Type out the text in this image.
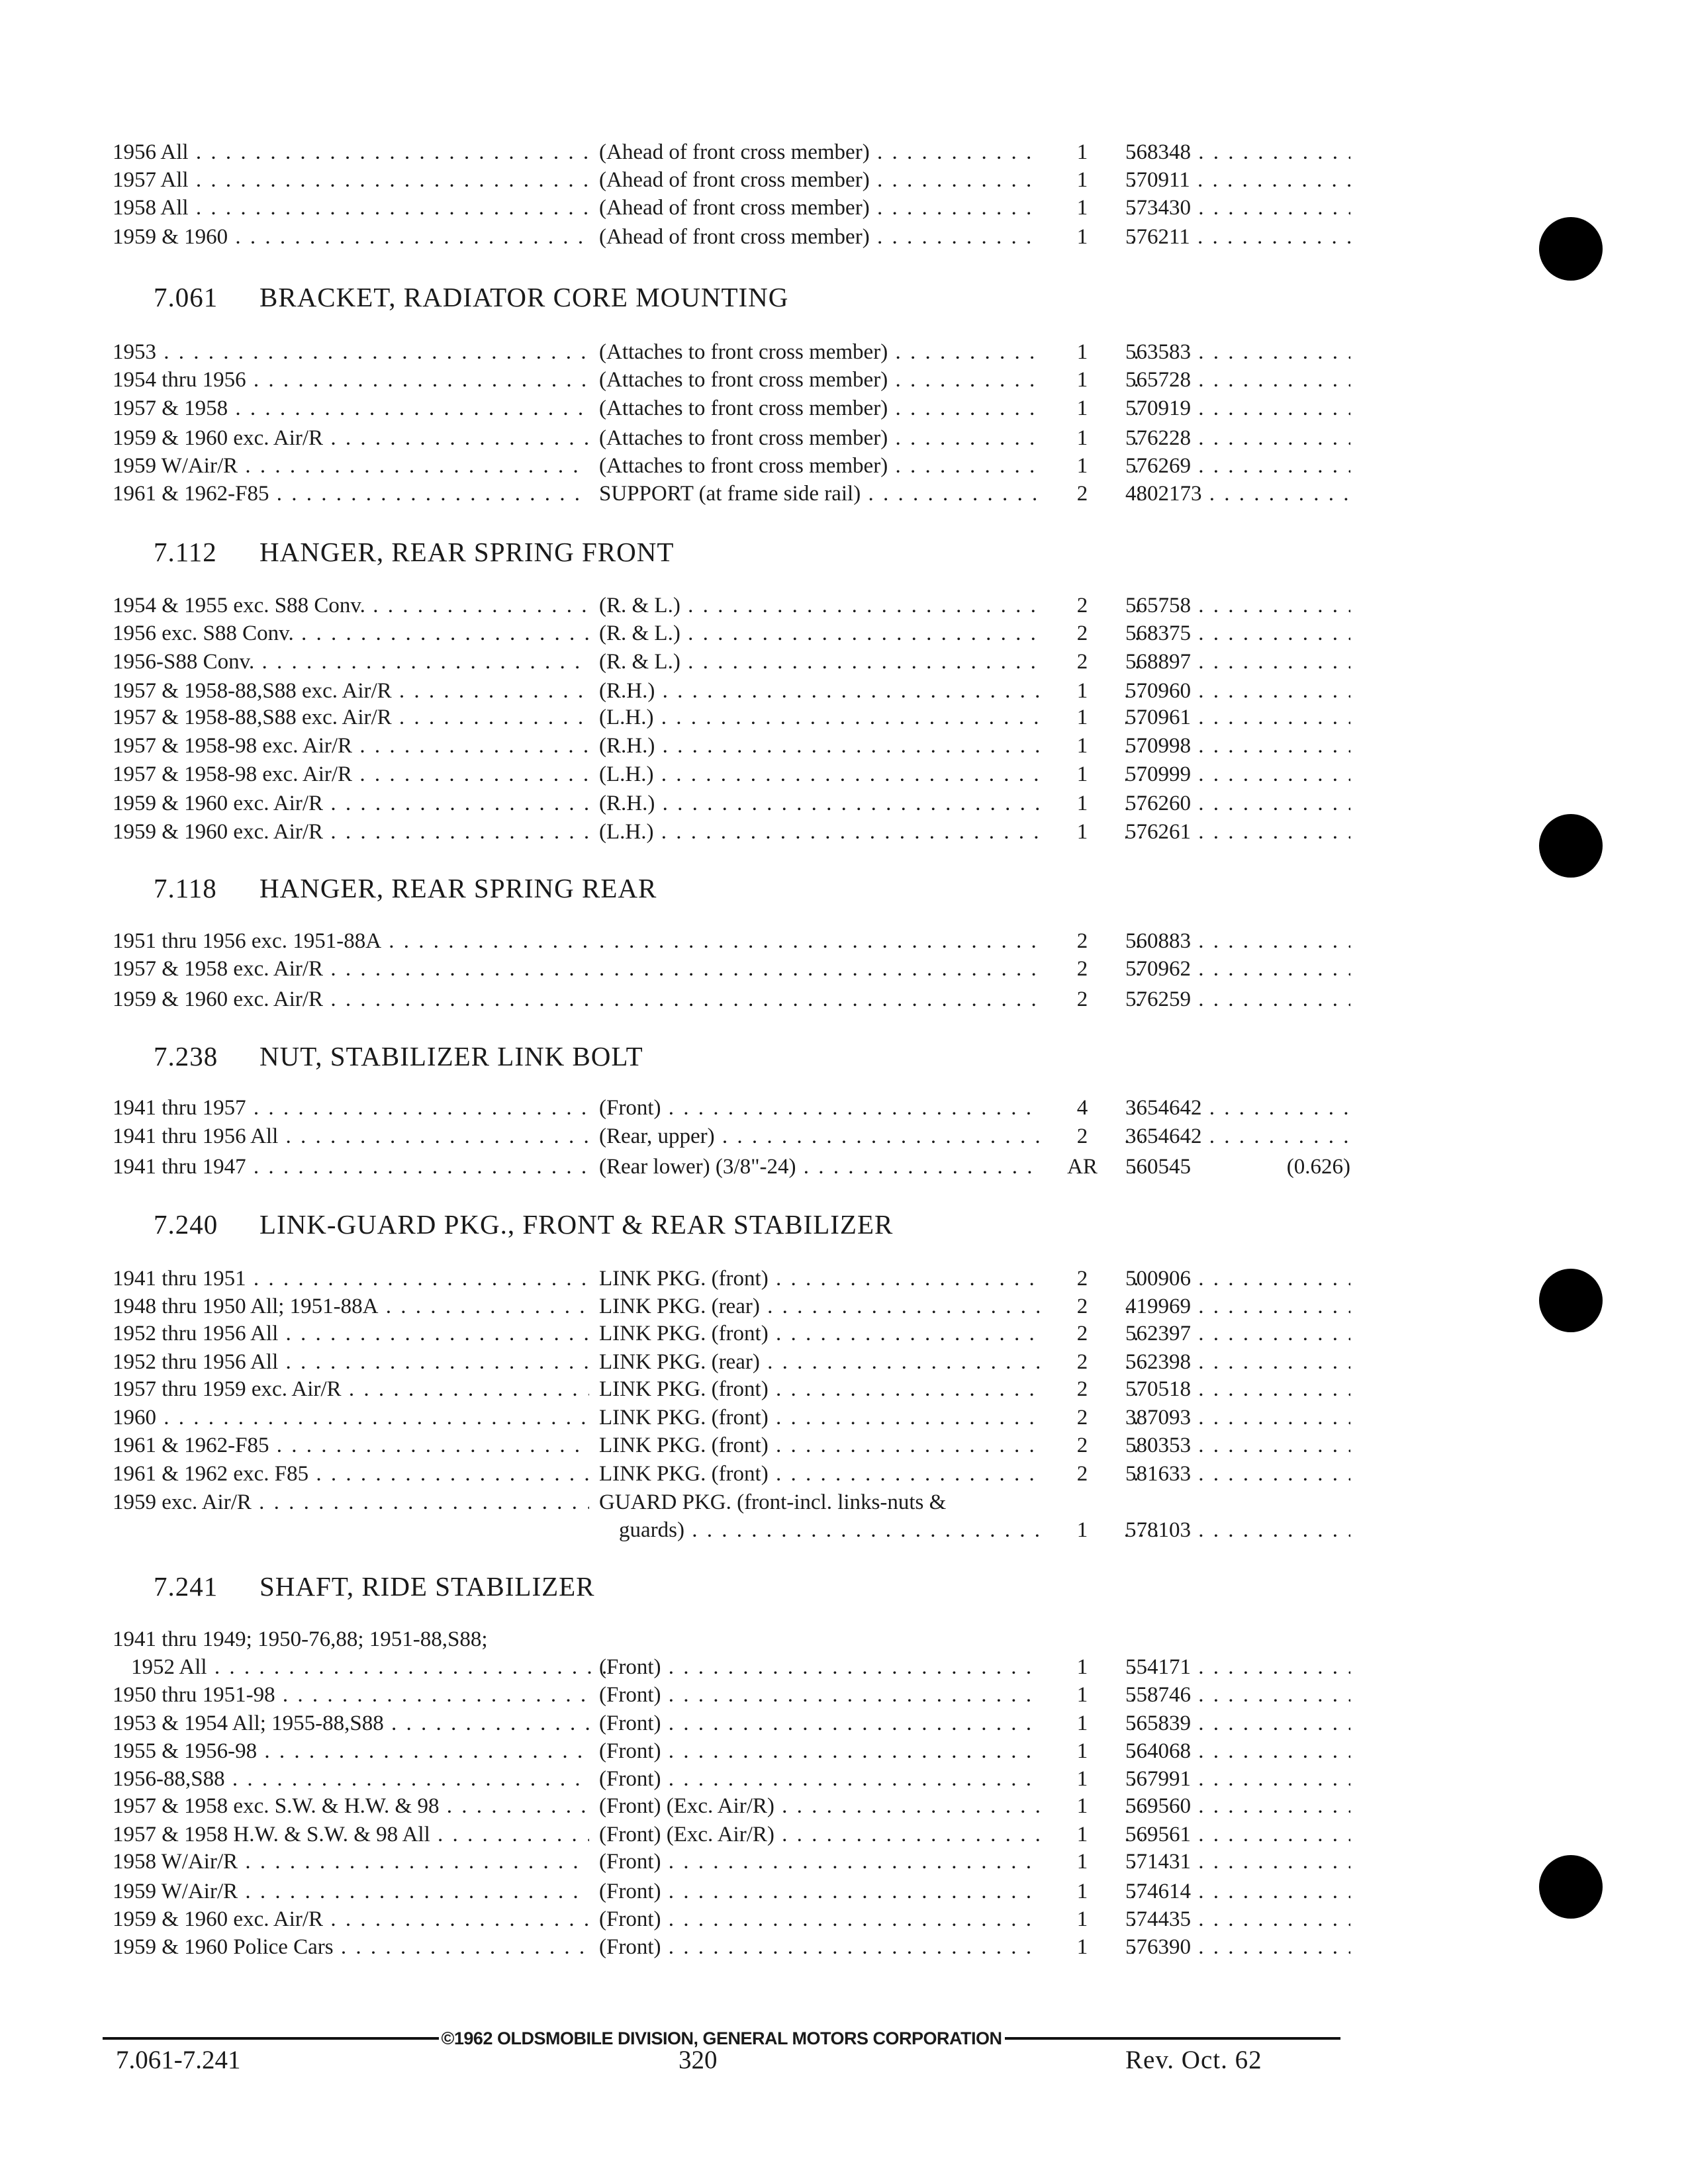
1956 All . . .	(Ahead of front cross member) . . .	1	568348 . . .
1957 All . . .	(Ahead of front cross member) . . .	1	570911 . . .
1958 All . . .	(Ahead of front cross member) . . .	1	573430 . . .
1959 & 1960 . . .	(Ahead of front cross member) . . .	1	576211 . . .
7.061 BRACKET, RADIATOR CORE MOUNTING
1953 . . .	(Attaches to front cross member) . . .	1	563583 . . .
1954 thru 1956 . . .	(Attaches to front cross member) . . .	1	565728 . . .
1957 & 1958 . . .	(Attaches to front cross member) . . .	1	570919 . . .
1959 & 1960 exc. Air/R . . .	(Attaches to front cross member) . . .	1	576228 . . .
1959 W/Air/R . . .	(Attaches to front cross member) . . .	1	576269 . . .
1961 & 1962-F85 . . .	SUPPORT (at frame side rail) . . .	2	4802173 . . .
7.112 HANGER, REAR SPRING FRONT
1954 & 1955 exc. S88 Conv. . . .	(R. & L.) . . .	2	565758 . . .
1956 exc. S88 Conv. . . .	(R. & L.) . . .	2	568375 . . .
1956-S88 Conv. . . .	(R. & L.) . . .	2	568897 . . .
1957 & 1958-88,S88 exc. Air/R . . .	(R.H.) . . .	1	570960 . . .
1957 & 1958-88,S88 exc. Air/R . . .	(L.H.) . . .	1	570961 . . .
1957 & 1958-98 exc. Air/R . . .	(R.H.) . . .	1	570998 . . .
1957 & 1958-98 exc. Air/R . . .	(L.H.) . . .	1	570999 . . .
1959 & 1960 exc. Air/R . . .	(R.H.) . . .	1	576260 . . .
1959 & 1960 exc. Air/R . . .	(L.H.) . . .	1	576261 . . .
7.118 HANGER, REAR SPRING REAR
1951 thru 1956 exc. 1951-88A . . . . . .	2	560883 . . .
1957 & 1958 exc. Air/R . . . . . .	2	570962 . . .
1959 & 1960 exc. Air/R . . . . . .	2	576259 . . .
7.238 NUT, STABILIZER LINK BOLT
1941 thru 1957 . . .	(Front) . . .	4	3654642 . . .
1941 thru 1956 All . . .	(Rear, upper) . . .	2	3654642 . . .
1941 thru 1947 . . .	(Rear lower) (3/8"-24) . . .	AR	560545	(0.626)
7.240 LINK-GUARD PKG., FRONT & REAR STABILIZER
1941 thru 1951 . . .	LINK PKG. (front) . . .	2	500906 . . .
1948 thru 1950 All; 1951-88A . . .	LINK PKG. (rear) . . .	2	419969 . . .
1952 thru 1956 All . . .	LINK PKG. (front) . . .	2	562397 . . .
1952 thru 1956 All . . .	LINK PKG. (rear) . . .	2	562398 . . .
1957 thru 1959 exc. Air/R . . .	LINK PKG. (front) . . .	2	570518 . . .
1960 . . .	LINK PKG. (front) . . .	2	387093 . . .
1961 & 1962-F85 . . .	LINK PKG. (front) . . .	2	580353 . . .
1961 & 1962 exc. F85 . . .	LINK PKG. (front) . . .	2	581633 . . .
1959 exc. Air/R . . .	GUARD PKG. (front-incl. links-nuts &
guards) . . .	1	578103 . . .
7.241 SHAFT, RIDE STABILIZER
1941 thru 1949; 1950-76,88; 1951-88,S88;
1952 All . . .	(Front) . . .	1	554171 . . .
1950 thru 1951-98 . . .	(Front) . . .	1	558746 . . .
1953 & 1954 All; 1955-88,S88 . . .	(Front) . . .	1	565839 . . .
1955 & 1956-98 . . .	(Front) . . .	1	564068 . . .
1956-88,S88 . . .	(Front) . . .	1	567991 . . .
1957 & 1958 exc. S.W. & H.W. & 98 . . .	(Front) (Exc. Air/R) . . .	1	569560 . . .
1957 & 1958 H.W. & S.W. & 98 All . . .	(Front) (Exc. Air/R) . . .	1	569561 . . .
1958 W/Air/R . . .	(Front) . . .	1	571431 . . .
1959 W/Air/R . . .	(Front) . . .	1	574614 . . .
1959 & 1960 exc. Air/R . . .	(Front) . . .	1	574435 . . .
1959 & 1960 Police Cars . . .	(Front) . . .	1	576390 . . .
©1962 OLDSMOBILE DIVISION, GENERAL MOTORS CORPORATION
7.061-7.241	320	Rev. Oct. 62
